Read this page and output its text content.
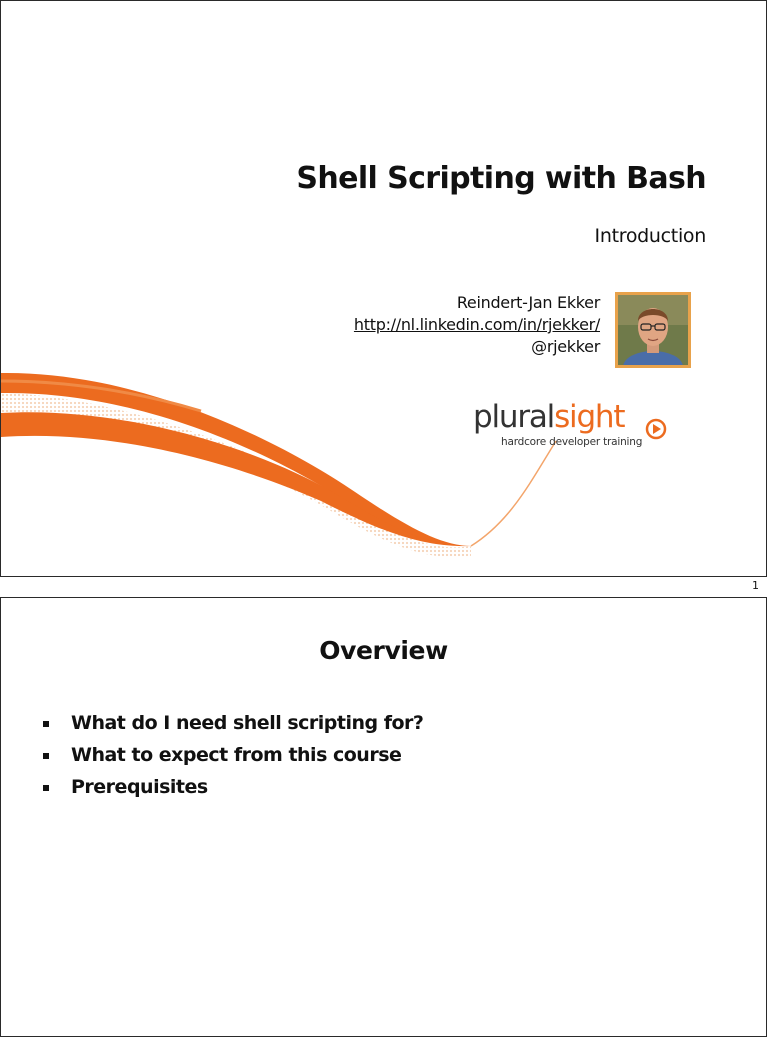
Shell Scripting with Bash
Introduction
Reindert-Jan Ekker
http://nl.linkedin.com/in/rjekker/
@rjekker
pluralsight
hardcore developer training
1
Overview
What do I need shell scripting for?
What to expect from this course
Prerequisites
